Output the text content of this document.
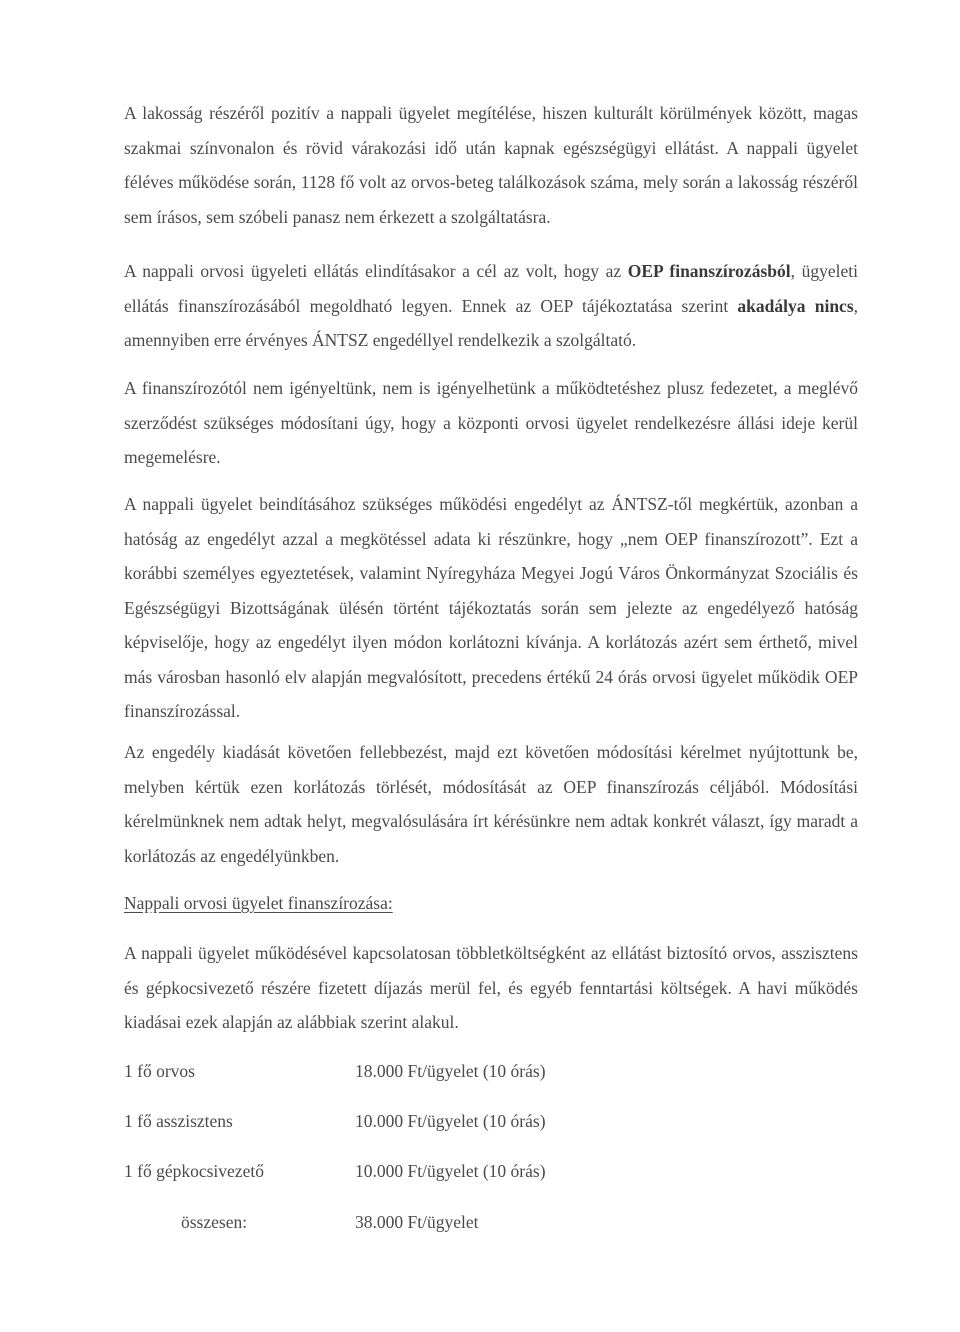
A lakosság részéről pozitív a nappali ügyelet megítélése, hiszen kulturált körülmények között, magas szakmai színvonalon és rövid várakozási idő után kapnak egészségügyi ellátást. A nappali ügyelet féléves működése során, 1128 fő volt az orvos-beteg találkozások száma, mely során a lakosság részéről sem írásos, sem szóbeli panasz nem érkezett a szolgáltatásra.

A nappali orvosi ügyeleti ellátás elindításakor a cél az volt, hogy az OEP finanszírozásból, ügyeleti ellátás finanszírozásából megoldható legyen. Ennek az OEP tájékoztatása szerint akadálya nincs, amennyiben erre érvényes ÁNTSZ engedéllyel rendelkezik a szolgáltató.

A finanszírozótól nem igényeltünk, nem is igényelhetünk a működtetéshez plusz fedezetet, a meglévő szerződést szükséges módosítani úgy, hogy a központi orvosi ügyelet rendelkezésre állási ideje kerül megemelésre.

A nappali ügyelet beindításához szükséges működési engedélyt az ÁNTSZ-től megkértük, azonban a hatóság az engedélyt azzal a megkötéssel adata ki részünkre, hogy „nem OEP finanszírozott”. Ezt a korábbi személyes egyeztetések, valamint Nyíregyháza Megyei Jogú Város Önkormányzat Szociális és Egészségügyi Bizottságának ülésén történt tájékoztatás során sem jelezte az engedélyező hatóság képviselője, hogy az engedélyt ilyen módon korlátozni kívánja. A korlátozás azért sem érthető, mivel más városban hasonló elv alapján megvalósított, precedens értékű 24 órás orvosi ügyelet működik OEP finanszírozással.

Az engedély kiadását követően fellebbezést, majd ezt követően módosítási kérelmet nyújtottunk be, melyben kértük ezen korlátozás törlését, módosítását az OEP finanszírozás céljából. Módosítási kérelmünknek nem adtak helyt, megvalósulására írt kérésünkre nem adtak konkrét választ, így maradt a korlátozás az engedélyünkben.

Nappali orvosi ügyelet finanszírozása:

A nappali ügyelet működésével kapcsolatosan többletköltségként az ellátást biztosító orvos, asszisztens és gépkocsivezető részére fizetett díjazás merül fel, és egyéb fenntartási költségek. A havi működés kiadásai ezek alapján az alábbiak szerint alakul.

1 fő orvos	18.000 Ft/ügyelet (10 órás)
1 fő asszisztens	10.000 Ft/ügyelet (10 órás)
1 fő gépkocsivezető	10.000 Ft/ügyelet (10 órás)
összesen:	38.000 Ft/ügyelet
